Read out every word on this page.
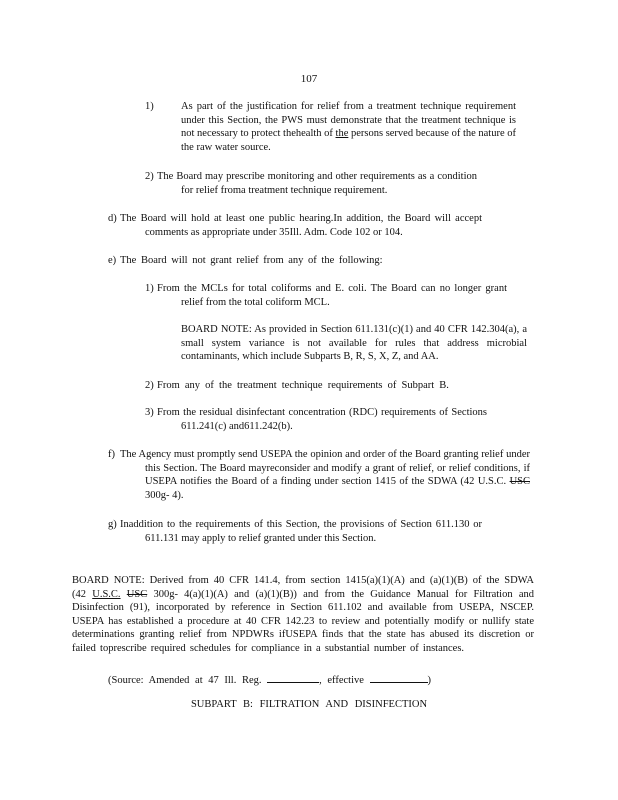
107
1)	As part of the justification for relief from a treatment technique requirement under this Section, the PWS must demonstrate that the treatment technique is not necessary to protect thehealth of the persons served because of the nature of the raw water source.

2) The Board may prescribe monitoring and other requirements as a condition for relief froma treatment technique requirement.

d) The Board will hold at least one public hearing.In addition, the Board will accept comments as appropriate under 35Ill. Adm. Code 102 or 104.

e) The Board will not grant relief from any of the following:

1) From the MCLs for total coliforms and E. coli. The Board can no longer grant relief from the total coliform MCL.

BOARD NOTE: As provided in Section 611.131(c)(1) and 40 CFR 142.304(a), a small system variance is not available for rules that address microbial contaminants, which include Subparts B, R, S, X, Z, and AA.

2) From any of the treatment technique requirements of Subpart B.

3) From the residual disinfectant concentration (RDC) requirements of Sections 611.241(c) and611.242(b).

f) The Agency must promptly send USEPA the opinion and order of the Board granting relief under this Section. The Board mayreconsider and modify a grant of relief, or relief conditions, if USEPA notifies the Board of a finding under section 1415 of the SDWA (42 U.S.C. USC 300g- 4).

g) Inaddition to the requirements of this Section, the provisions of Section 611.130 or 611.131 may apply to relief granted under this Section.

BOARD NOTE: Derived from 40 CFR 141.4, from section 1415(a)(1)(A) and (a)(1)(B) of the SDWA (42 U.S.C. USC 300g- 4(a)(1)(A) and (a)(1)(B)) and from the Guidance Manual for Filtration and Disinfection (91), incorporated by reference in Section 611.102 and available from USEPA, NSCEP. USEPA has established a procedure at 40 CFR 142.23 to review and potentially modify or nullify state determinations granting relief from NPDWRs ifUSEPA finds that the state has abused its discretion or failed toprescribe required schedules for compliance in a substantial number of instances.

(Source: Amended at 47 Ill. Reg.	, effective	)

SUBPART B: FILTRATION AND DISINFECTION
